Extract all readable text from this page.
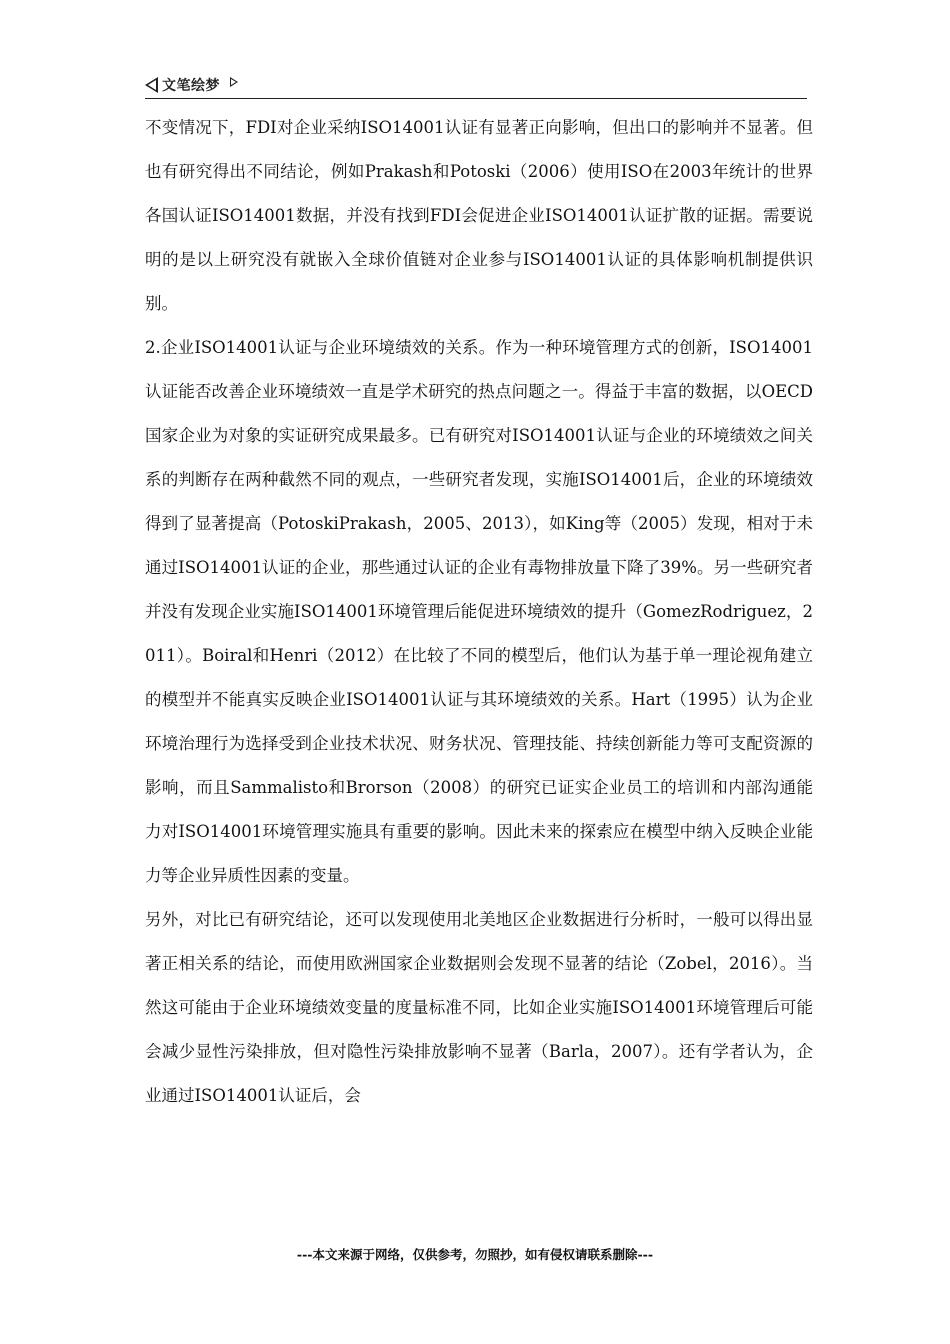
文笔绘梦

不变情况下，FDI对企业采纳ISO14001认证有显著正向影响，但出口的影响并不显著。但也有研究得出不同结论，例如Prakash和Potoski（2006）使用ISO在2003年统计的世界各国认证ISO14001数据，并没有找到FDI会促进企业ISO14001认证扩散的证据。需要说明的是以上研究没有就嵌入全球价值链对企业参与ISO14001认证的具体影响机制提供识别。

2.企业ISO14001认证与企业环境绩效的关系。作为一种环境管理方式的创新，ISO14001认证能否改善企业环境绩效一直是学术研究的热点问题之一。得益于丰富的数据，以OECD国家企业为对象的实证研究成果最多。已有研究对ISO14001认证与企业的环境绩效之间关系的判断存在两种截然不同的观点，一些研究者发现，实施ISO14001后，企业的环境绩效得到了显著提高（PotoskiPrakash，2005、2013），如King等（2005）发现，相对于未通过ISO14001认证的企业，那些通过认证的企业有毒物排放量下降了39%。另一些研究者并没有发现企业实施ISO14001环境管理后能促进环境绩效的提升（GomezRodriguez，2011）。Boiral和Henri（2012）在比较了不同的模型后，他们认为基于单一理论视角建立的模型并不能真实反映企业ISO14001认证与其环境绩效的关系。Hart（1995）认为企业环境治理行为选择受到企业技术状况、财务状况、管理技能、持续创新能力等可支配资源的影响，而且Sammalisto和Brorson（2008）的研究已证实企业员工的培训和内部沟通能力对ISO14001环境管理实施具有重要的影响。因此未来的探索应在模型中纳入反映企业能力等企业异质性因素的变量。

另外，对比已有研究结论，还可以发现使用北美地区企业数据进行分析时，一般可以得出显著正相关系的结论，而使用欧洲国家企业数据则会发现不显著的结论（Zobel，2016）。当然这可能由于企业环境绩效变量的度量标准不同，比如企业实施ISO14001环境管理后可能会减少显性污染排放，但对隐性污染排放影响不显著（Barla，2007）。还有学者认为，企业通过ISO14001认证后，会

---本文来源于网络，仅供参考，勿照抄，如有侵权请联系删除---
